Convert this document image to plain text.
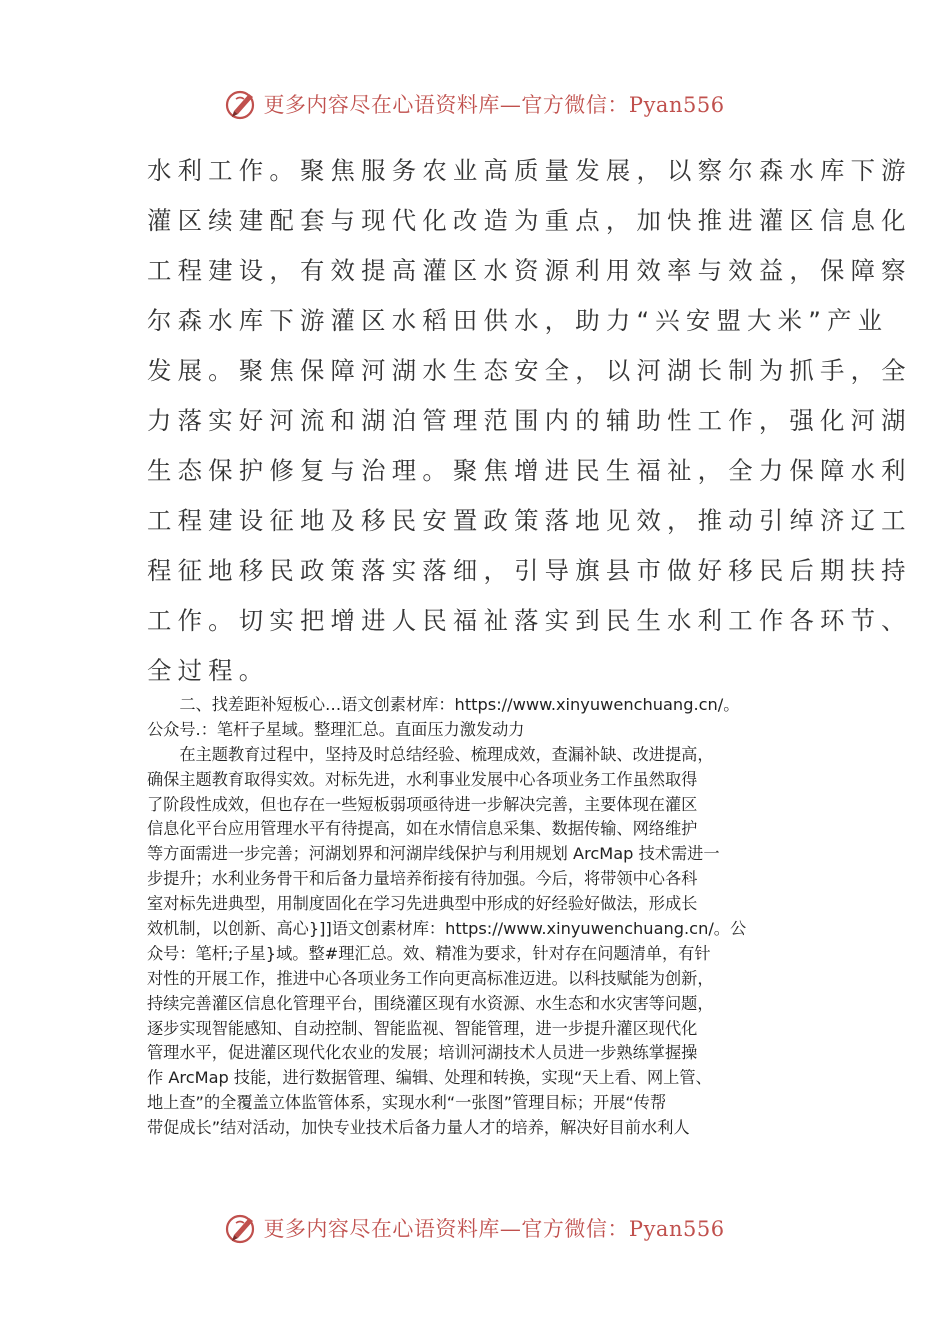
更多内容尽在心语资料库—官方微信：Pyan556
水利工作。聚焦服务农业高质量发展，以察尔森水库下游
灌区续建配套与现代化改造为重点，加快推进灌区信息化
工程建设，有效提高灌区水资源利用效率与效益，保障察
尔森水库下游灌区水稻田供水，助力“兴安盟大米”产业
发展。聚焦保障河湖水生态安全，以河湖长制为抓手，全
力落实好河流和湖泊管理范围内的辅助性工作，强化河湖
生态保护修复与治理。聚焦增进民生福祉，全力保障水利
工程建设征地及移民安置政策落地见效，推动引绰济辽工
程征地移民政策落实落细，引导旗县市做好移民后期扶持
工作。切实把增进人民福祉落实到民生水利工作各环节、
全过程。
　　二、找差距补短板心…语文创素材库：https://www.xinyuwenchuang.cn/。
公众号.：笔杆子星域。整理汇总。直面压力激发动力
　　在主题教育过程中，坚持及时总结经验、梳理成效，查漏补缺、改进提高，
确保主题教育取得实效。对标先进，水利事业发展中心各项业务工作虽然取得
了阶段性成效，但也存在一些短板弱项亟待进一步解决完善，主要体现在灌区
信息化平台应用管理水平有待提高，如在水情信息采集、数据传输、网络维护
等方面需进一步完善；河湖划界和河湖岸线保护与利用规划 ArcMap 技术需进一
步提升；水利业务骨干和后备力量培养衔接有待加强。今后，将带领中心各科
室对标先进典型，用制度固化在学习先进典型中形成的好经验好做法，形成长
效机制，以创新、高心}]]语文创素材库：https://www.xinyuwenchuang.cn/。公
众号：笔杆;子星}域。整#理汇总。效、精准为要求，针对存在问题清单，有针
对性的开展工作，推进中心各项业务工作向更高标准迈进。以科技赋能为创新，
持续完善灌区信息化管理平台，围绕灌区现有水资源、水生态和水灾害等问题，
逐步实现智能感知、自动控制、智能监视、智能管理，进一步提升灌区现代化
管理水平，促进灌区现代化农业的发展；培训河湖技术人员进一步熟练掌握操
作 ArcMap 技能，进行数据管理、编辑、处理和转换，实现“天上看、网上管、
地上查”的全覆盖立体监管体系，实现水利“一张图”管理目标；开展“传帮
带促成长”结对活动，加快专业技术后备力量人才的培养，解决好目前水利人
更多内容尽在心语资料库—官方微信：Pyan556
